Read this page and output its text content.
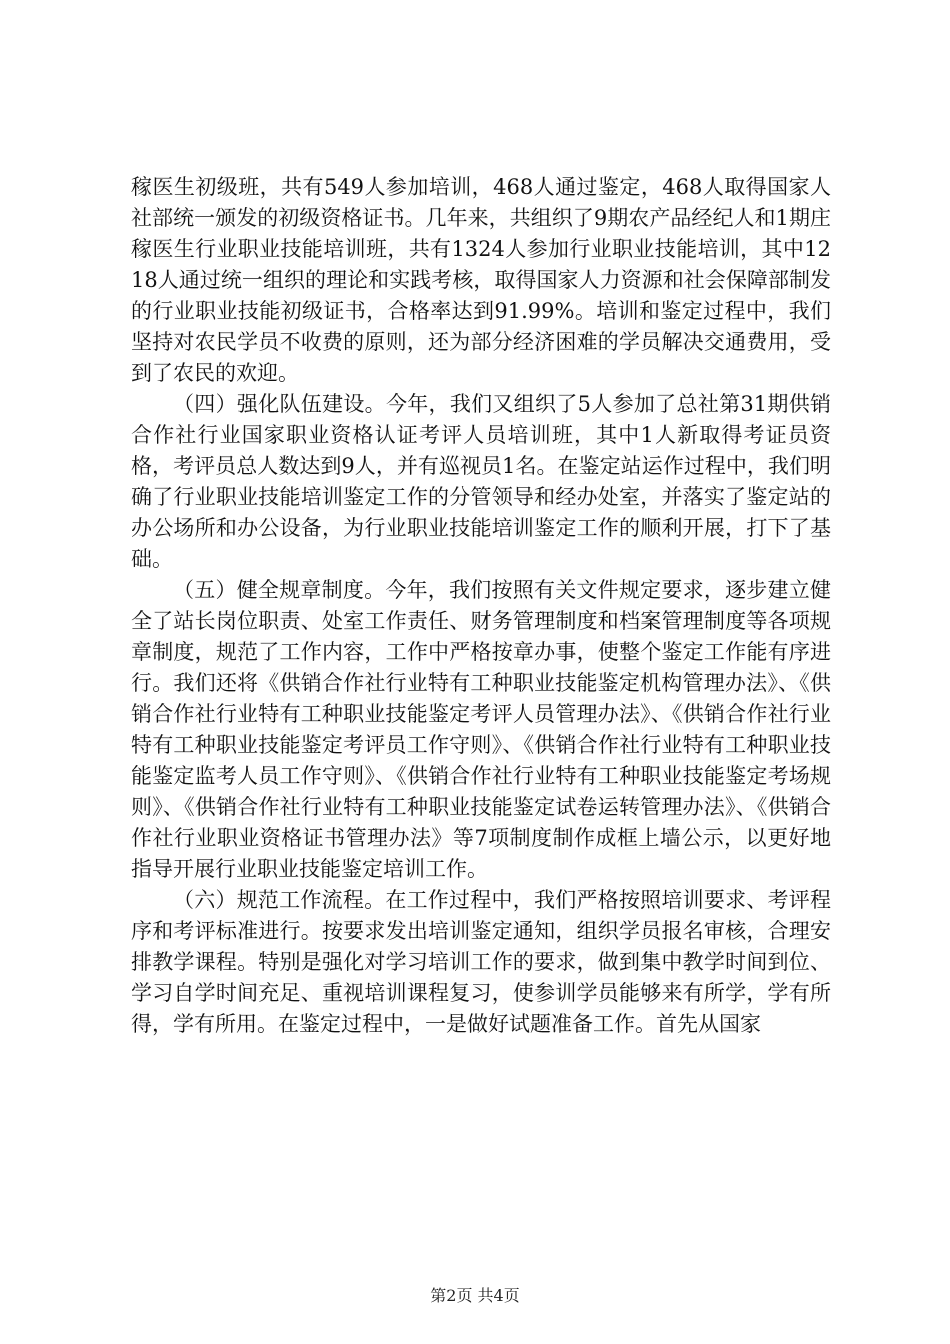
稼医生初级班，共有549人参加培训，468人通过鉴定，468人取得国家人社部统一颁发的初级资格证书。几年来，共组织了9期农产品经纪人和1期庄稼医生行业职业技能培训班，共有1324人参加行业职业技能培训，其中1218人通过统一组织的理论和实践考核，取得国家人力资源和社会保障部制发的行业职业技能初级证书，合格率达到91.99%。培训和鉴定过程中，我们坚持对农民学员不收费的原则，还为部分经济困难的学员解决交通费用，受到了农民的欢迎。

（四）强化队伍建设。今年，我们又组织了5人参加了总社第31期供销合作社行业国家职业资格认证考评人员培训班，其中1人新取得考证员资格，考评员总人数达到9人，并有巡视员1名。在鉴定站运作过程中，我们明确了行业职业技能培训鉴定工作的分管领导和经办处室，并落实了鉴定站的办公场所和办公设备，为行业职业技能培训鉴定工作的顺利开展，打下了基础。

（五）健全规章制度。今年，我们按照有关文件规定要求，逐步建立健全了站长岗位职责、处室工作责任、财务管理制度和档案管理制度等各项规章制度，规范了工作内容，工作中严格按章办事，使整个鉴定工作能有序进行。我们还将《供销合作社行业特有工种职业技能鉴定机构管理办法》、《供销合作社行业特有工种职业技能鉴定考评人员管理办法》、《供销合作社行业特有工种职业技能鉴定考评员工作守则》、《供销合作社行业特有工种职业技能鉴定监考人员工作守则》、《供销合作社行业特有工种职业技能鉴定考场规则》、《供销合作社行业特有工种职业技能鉴定试卷运转管理办法》、《供销合作社行业职业资格证书管理办法》等7项制度制作成框上墙公示，以更好地指导开展行业职业技能鉴定培训工作。

（六）规范工作流程。在工作过程中，我们严格按照培训要求、考评程序和考评标准进行。按要求发出培训鉴定通知，组织学员报名审核，合理安排教学课程。特别是强化对学习培训工作的要求，做到集中教学时间到位、学习自学时间充足、重视培训课程复习，使参训学员能够来有所学，学有所得，学有所用。在鉴定过程中，一是做好试题准备工作。首先从国家

第2页 共4页
